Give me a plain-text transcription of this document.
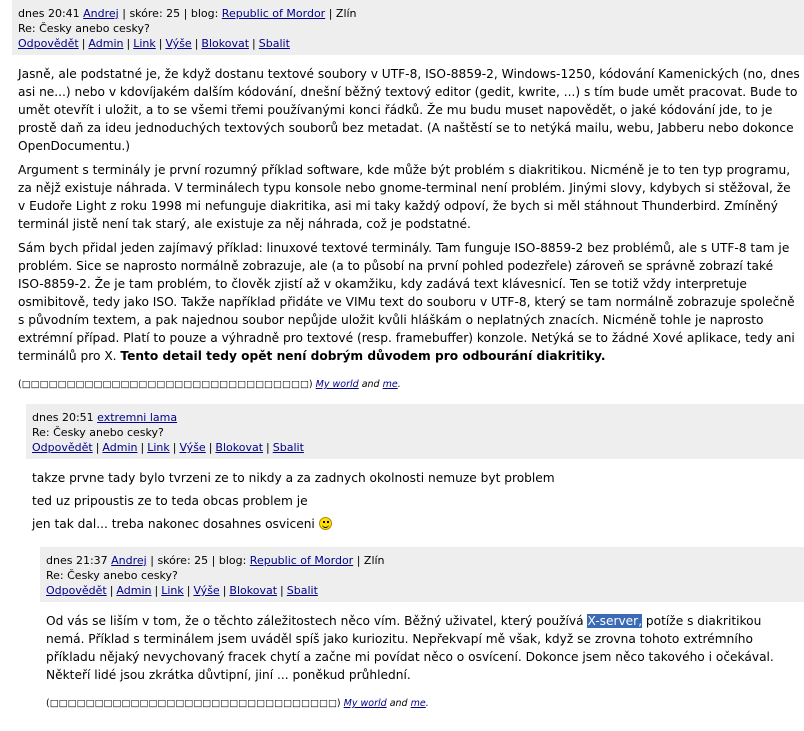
dnes 20:41 Andrej | skóre: 25 | blog: Republic of Mordor | Zlín
Re: Česky anebo cesky?
Odpovědět | Admin | Link | Výše | Blokovat | Sbalit

Jasně, ale podstatné je, že když dostanu textové soubory v UTF-8, ISO-8859-2, Windows-1250, kódování Kamenických (no, dnes asi ne...) nebo v kdovíjakém dalším kódování, dnešní běžný textový editor (gedit, kwrite, ...) s tím bude umět pracovat. Bude to umět otevřít i uložit, a to se všemi třemi používanými konci řádků. Že mu budu muset napovědět, o jaké kódování jde, to je prostě daň za ideu jednoduchých textových souborů bez metadat. (A naštěstí se to netýká mailu, webu, Jabberu nebo dokonce OpenDocumentu.)

Argument s terminály je první rozumný příklad software, kde může být problém s diakritikou. Nicméně je to ten typ programu, za nějž existuje náhrada. V terminálech typu konsole nebo gnome-terminal není problém. Jinými slovy, kdybych si stěžoval, že v Eudoře Light z roku 1998 mi nefunguje diakritika, asi mi taky každý odpoví, že bych si měl stáhnout Thunderbird. Zmíněný terminál jistě není tak starý, ale existuje za něj náhrada, což je podstatné.

Sám bych přidal jeden zajímavý příklad: linuxové textové terminály. Tam funguje ISO-8859-2 bez problémů, ale s UTF-8 tam je problém. Sice se naprosto normálně zobrazuje, ale (a to působí na první pohled podezřele) zároveň se správně zobrazí také ISO-8859-2. Že je tam problém, to člověk zjistí až v okamžiku, kdy zadává text klávesnicí. Ten se totiž vždy interpretuje osmibitově, tedy jako ISO. Takže například přidáte ve VIMu text do souboru v UTF-8, který se tam normálně zobrazuje společně s původním textem, a pak najednou soubor nepůjde uložit kvůli hláškám o neplatných znacích. Nicméně tohle je naprosto extrémní případ. Platí to pouze a výhradně pro textové (resp. framebuffer) konzole. Netýká se to žádné Xové aplikace, tedy ani terminálů pro X. Tento detail tedy opět není dobrým důvodem pro odbourání diakritiky.

(□□□□□□□□□□□□□□□□□□□□□□□□□□□□□□□□) My world and me.
dnes 20:51 extremni lama
Re: Česky anebo cesky?
Odpovědět | Admin | Link | Výše | Blokovat | Sbalit

takze prvne tady bylo tvrzeni ze to nikdy a za zadnych okolnosti nemuze byt problem

ted uz pripoustis ze to teda obcas problem je

jen tak dal... treba nakonec dosahnes osviceni

dnes 21:37 Andrej | skóre: 25 | blog: Republic of Mordor | Zlín
Re: Česky anebo cesky?
Odpovědět | Admin | Link | Výše | Blokovat | Sbalit

Od vás se liším v tom, že o těchto záležitostech něco vím. Běžný uživatel, který používá X-server, potíže s diakritikou nemá. Příklad s terminálem jsem uváděl spíš jako kuriozitu. Nepřekvapí mě však, když se zrovna tohoto extrémního příkladu nějaký nevychovaný fracek chytí a začne mi povídat něco o osvícení. Dokonce jsem něco takového i očekával. Někteří lidé jsou zkrátka důvtipní, jiní ... poněkud průhlední.

(□□□□□□□□□□□□□□□□□□□□□□□□□□□□□□□□) My world and me.
